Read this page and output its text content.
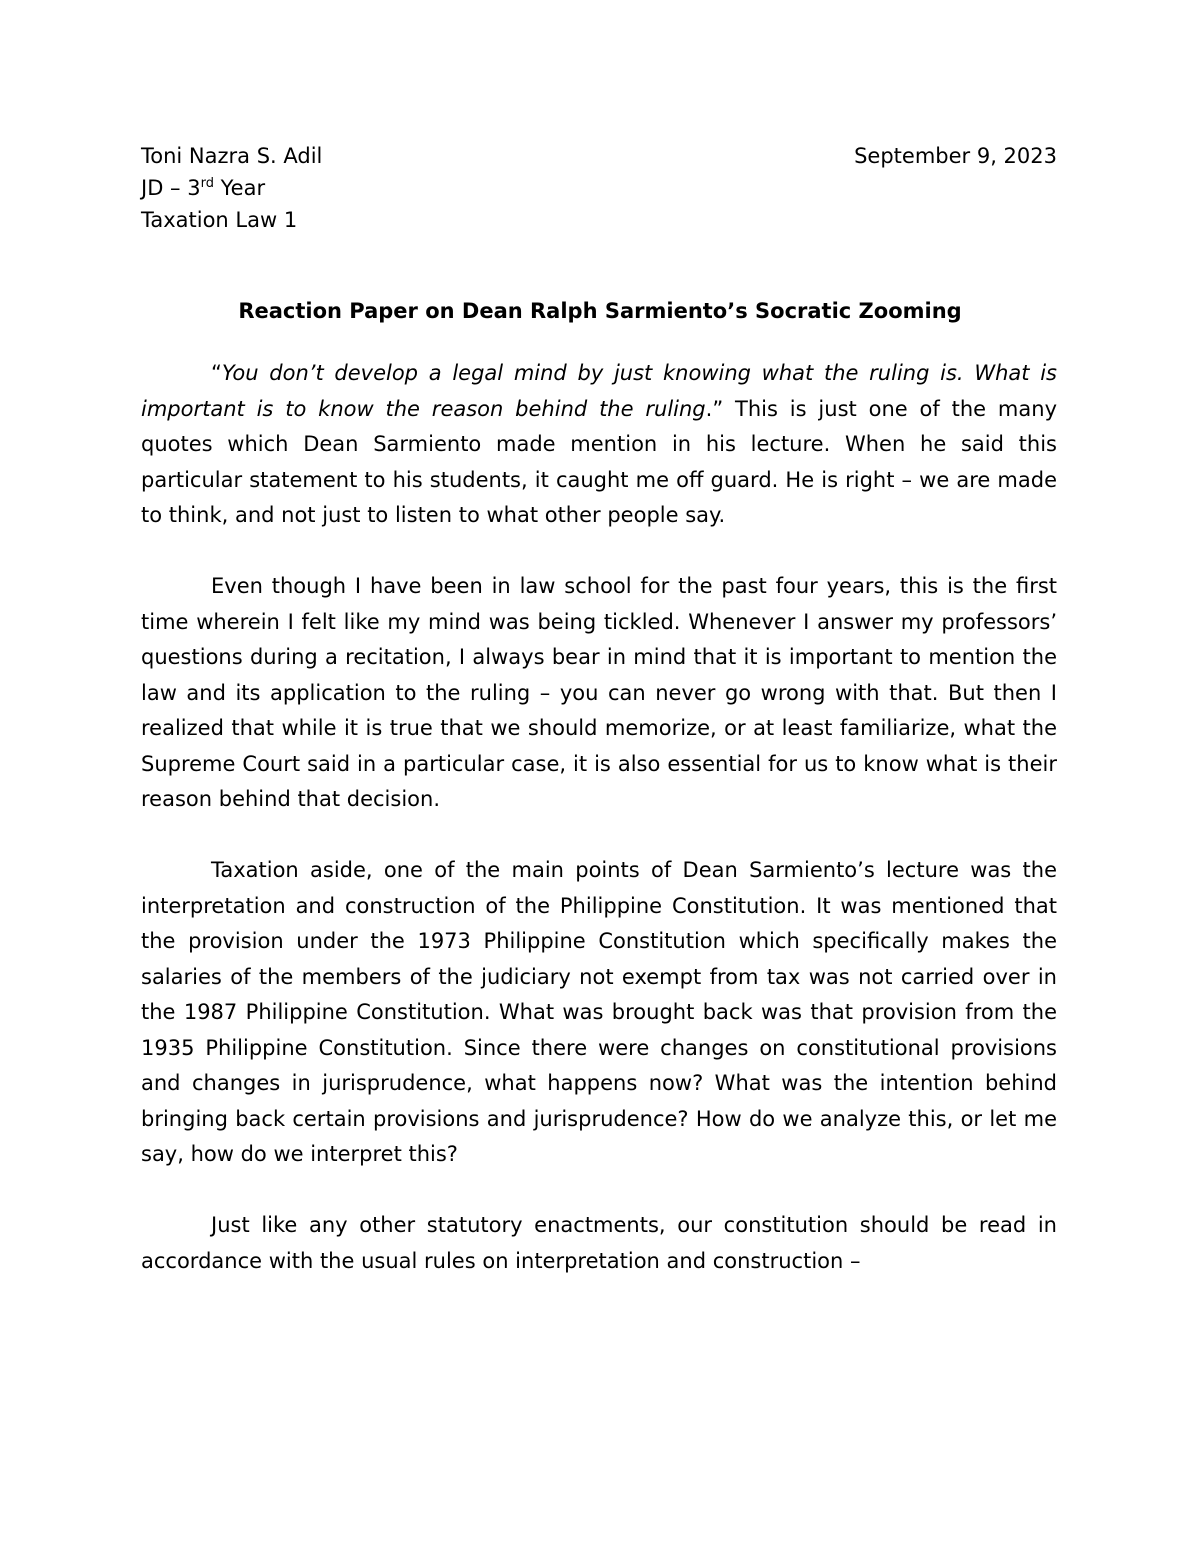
Toni Nazra S. Adil	September 9, 2023
JD – 3rd Year
Taxation Law 1
Reaction Paper on Dean Ralph Sarmiento’s Socratic Zooming

“You don’t develop a legal mind by just knowing what the ruling is. What is important is to know the reason behind the ruling.” This is just one of the many quotes which Dean Sarmiento made mention in his lecture. When he said this particular statement to his students, it caught me off guard. He is right – we are made to think, and not just to listen to what other people say.

Even though I have been in law school for the past four years, this is the first time wherein I felt like my mind was being tickled. Whenever I answer my professors’ questions during a recitation, I always bear in mind that it is important to mention the law and its application to the ruling – you can never go wrong with that. But then I realized that while it is true that we should memorize, or at least familiarize, what the Supreme Court said in a particular case, it is also essential for us to know what is their reason behind that decision.

Taxation aside, one of the main points of Dean Sarmiento’s lecture was the interpretation and construction of the Philippine Constitution. It was mentioned that the provision under the 1973 Philippine Constitution which specifically makes the salaries of the members of the judiciary not exempt from tax was not carried over in the 1987 Philippine Constitution. What was brought back was that provision from the 1935 Philippine Constitution. Since there were changes on constitutional provisions and changes in jurisprudence, what happens now? What was the intention behind bringing back certain provisions and jurisprudence? How do we analyze this, or let me say, how do we interpret this?

Just like any other statutory enactments, our constitution should be read in accordance with the usual rules on interpretation and construction –
